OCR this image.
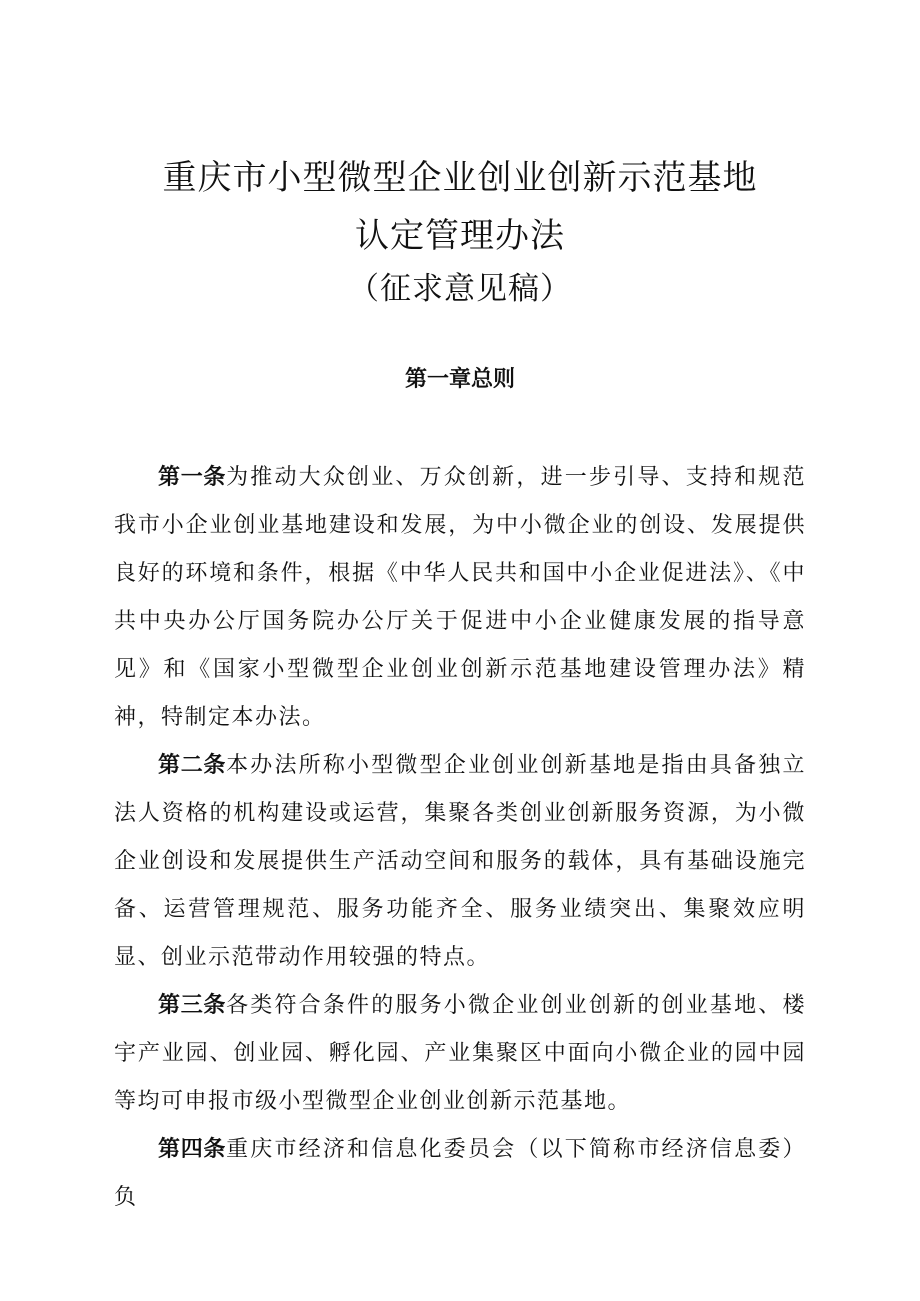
重庆市小型微型企业创业创新示范基地
认定管理办法
（征求意见稿）
第一章总则

第一条为推动大众创业、万众创新，进一步引导、支持和规范我市小企业创业基地建设和发展，为中小微企业的创设、发展提供良好的环境和条件，根据《中华人民共和国中小企业促进法》、《中共中央办公厅国务院办公厅关于促进中小企业健康发展的指导意见》和《国家小型微型企业创业创新示范基地建设管理办法》精神，特制定本办法。

第二条本办法所称小型微型企业创业创新基地是指由具备独立法人资格的机构建设或运营，集聚各类创业创新服务资源，为小微企业创设和发展提供生产活动空间和服务的载体，具有基础设施完备、运营管理规范、服务功能齐全、服务业绩突出、集聚效应明显、创业示范带动作用较强的特点。

第三条各类符合条件的服务小微企业创业创新的创业基地、楼宇产业园、创业园、孵化园、产业集聚区中面向小微企业的园中园等均可申报市级小型微型企业创业创新示范基地。

第四条重庆市经济和信息化委员会（以下简称市经济信息委）负
